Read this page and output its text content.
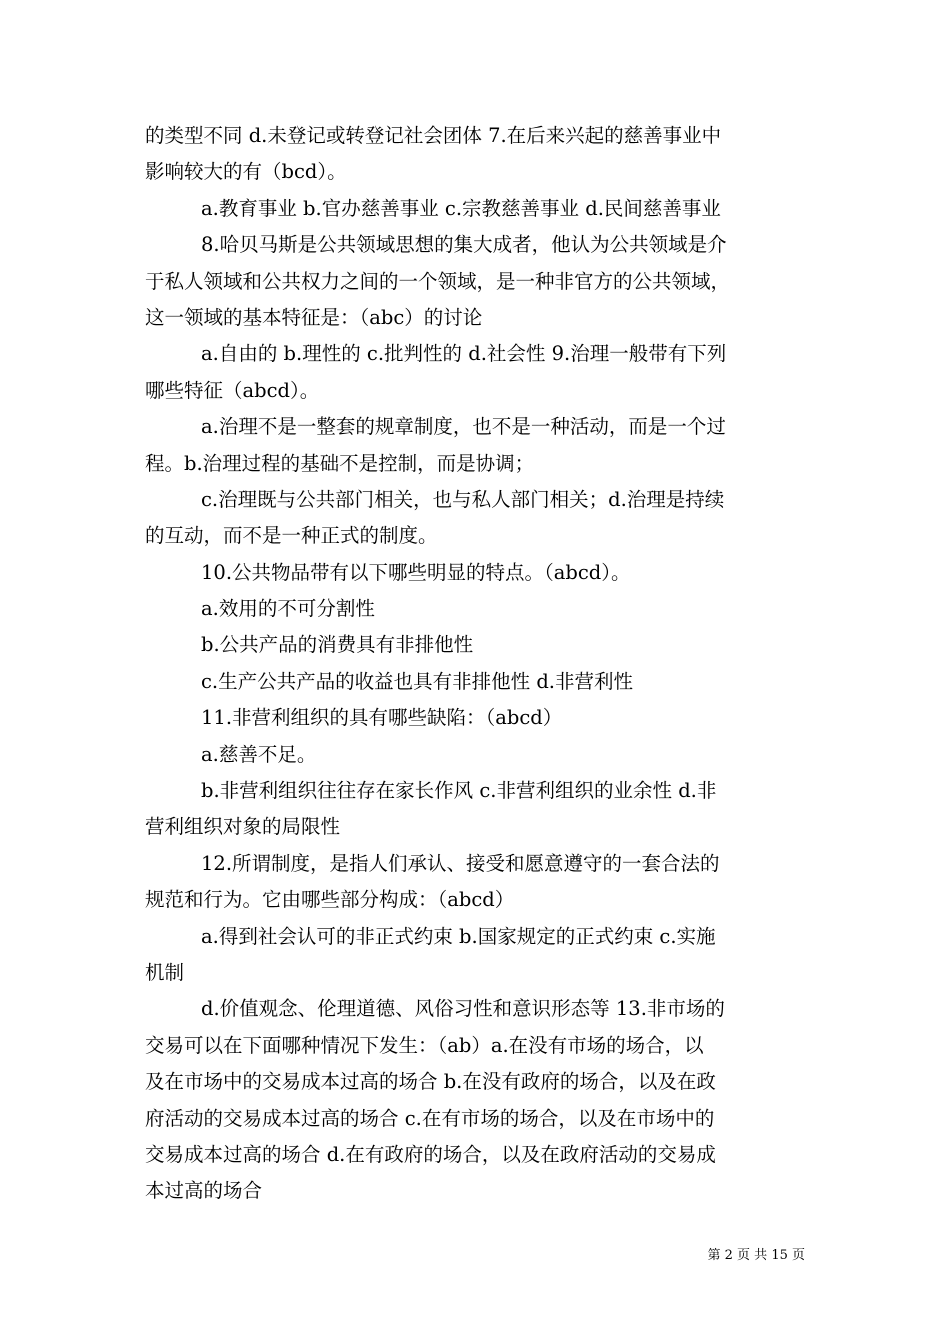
的类型不同 d.未登记或转登记社会团体 7.在后来兴起的慈善事业中
影响较大的有（bcd）。
a.教育事业 b.官办慈善事业 c.宗教慈善事业 d.民间慈善事业
8.哈贝马斯是公共领域思想的集大成者，他认为公共领域是介
于私人领域和公共权力之间的一个领域，是一种非官方的公共领域，
这一领域的基本特征是：（abc）的讨论
a.自由的 b.理性的 c.批判性的 d.社会性 9.治理一般带有下列
哪些特征（abcd）。
a.治理不是一整套的规章制度，也不是一种活动，而是一个过
程。b.治理过程的基础不是控制，而是协调；
c.治理既与公共部门相关，也与私人部门相关；d.治理是持续
的互动，而不是一种正式的制度。
10.公共物品带有以下哪些明显的特点。（abcd）。
a.效用的不可分割性
b.公共产品的消费具有非排他性
c.生产公共产品的收益也具有非排他性 d.非营利性
11.非营利组织的具有哪些缺陷：（abcd）
a.慈善不足。
b.非营利组织往往存在家长作风 c.非营利组织的业余性 d.非
营利组织对象的局限性
12.所谓制度，是指人们承认、接受和愿意遵守的一套合法的
规范和行为。它由哪些部分构成：（abcd）
a.得到社会认可的非正式约束 b.国家规定的正式约束 c.实施
机制
d.价值观念、伦理道德、风俗习性和意识形态等 13.非市场的
交易可以在下面哪种情况下发生：（ab）a.在没有市场的场合，以
及在市场中的交易成本过高的场合 b.在没有政府的场合，以及在政
府活动的交易成本过高的场合 c.在有市场的场合，以及在市场中的
交易成本过高的场合 d.在有政府的场合，以及在政府活动的交易成
本过高的场合
第 2 页 共 15 页
